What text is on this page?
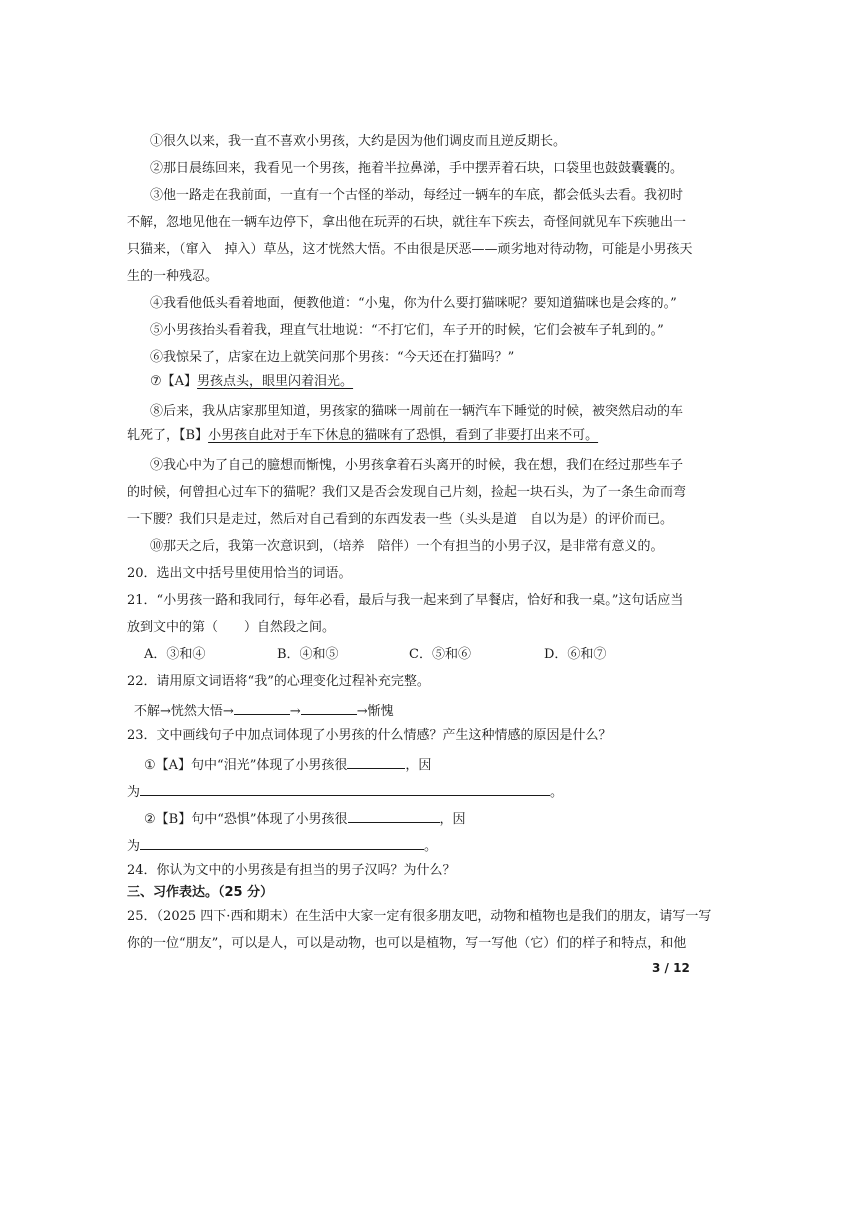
①很久以来，我一直不喜欢小男孩，大约是因为他们调皮而且逆反期长。
②那日晨练回来，我看见一个男孩，拖着半拉鼻涕，手中摆弄着石块，口袋里也鼓鼓囊囊的。
③他一路走在我前面，一直有一个古怪的举动，每经过一辆车的车底，都会低头去看。我初时
不解，忽地见他在一辆车边停下，拿出他在玩弄的石块，就往车下疾去，奇怪间就见车下疾驰出一
只猫来，（窜入　掉入）草丛，这才恍然大悟。不由很是厌恶——顽劣地对待动物，可能是小男孩天
生的一种残忍。
④我看他低头看着地面，便教他道：“小鬼，你为什么要打猫咪呢？要知道猫咪也是会疼的。”
⑤小男孩抬头看着我，理直气壮地说：“不打它们，车子开的时候，它们会被车子轧到的。”
⑥我惊呆了，店家在边上就笑问那个男孩：“今天还在打猫吗？”
⑦【A】男孩点头，眼里闪着泪光。
⑧后来，我从店家那里知道，男孩家的猫咪一周前在一辆汽车下睡觉的时候，被突然启动的车
轧死了，【B】小男孩自此对于车下休息的猫咪有了恐惧，看到了非要打出来不可。
⑨我心中为了自己的臆想而惭愧，小男孩拿着石头离开的时候，我在想，我们在经过那些车子
的时候，何曾担心过车下的猫呢？我们又是否会发现自己片刻，捡起一块石头，为了一条生命而弯
一下腰？我们只是走过，然后对自己看到的东西发表一些（头头是道　自以为是）的评价而已。
⑩那天之后，我第一次意识到，（培养　陪伴）一个有担当的小男子汉，是非常有意义的。
20．选出文中括号里使用恰当的词语。
21．“小男孩一路和我同行，每年必看，最后与我一起来到了早餐店，恰好和我一桌。”这句话应当
放到文中的第（　　）自然段之间。
A．③和④	B．④和⑤	C．⑤和⑥	D．⑥和⑦
22．请用原文词语将“我”的心理变化过程补充完整。
不解→恍然大悟→	→	→惭愧
23．文中画线句子中加点词体现了小男孩的什么情感？产生这种情感的原因是什么？
①【A】句中“泪光”体现了小男孩很	，因
为	。
②【B】句中“恐惧”体现了小男孩很	，因
为	。
24．你认为文中的小男孩是有担当的男子汉吗？为什么？
三、习作表达。（25 分）
25．（2025 四下·西和期末）在生活中大家一定有很多朋友吧，动物和植物也是我们的朋友，请写一写
你的一位“朋友”，可以是人，可以是动物，也可以是植物，写一写他（它）们的样子和特点，和他
3 / 12
